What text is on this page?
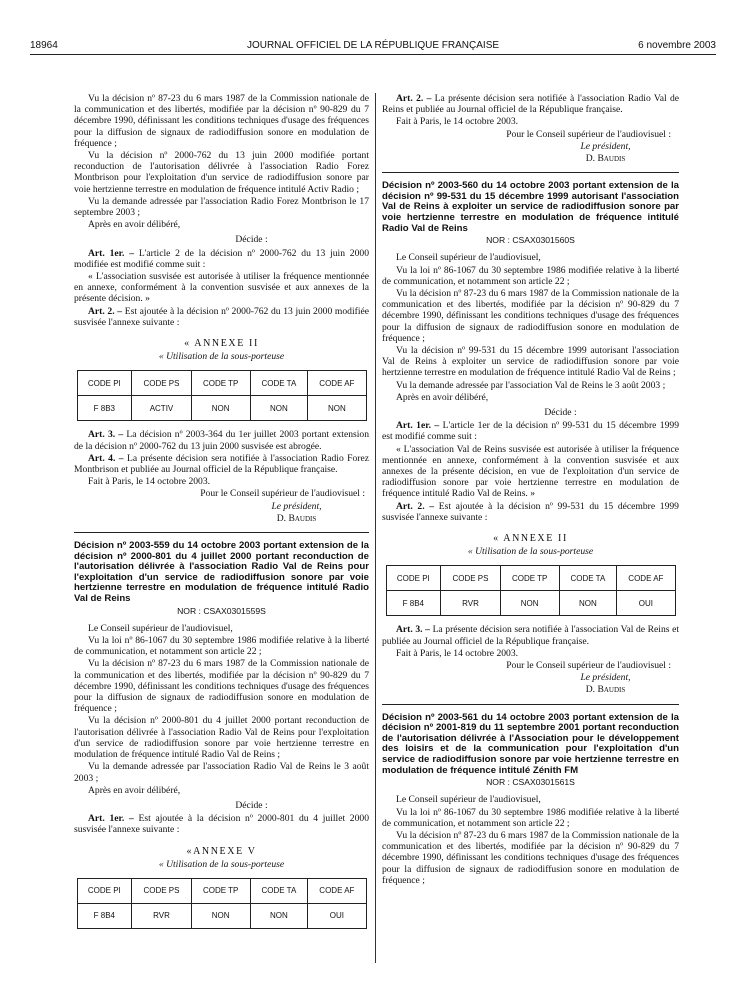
18964	JOURNAL OFFICIEL DE LA RÉPUBLIQUE FRANÇAISE	6 novembre 2003

Vu la décision nº 87-23 du 6 mars 1987 de la Commission nationale de la communication et des libertés, modifiée par la décision nº 90-829 du 7 décembre 1990, définissant les conditions techniques d'usage des fréquences pour la diffusion de signaux de radiodiffusion sonore en modulation de fréquence ;

Vu la décision nº 2000-762 du 13 juin 2000 modifiée portant reconduction de l'autorisation délivrée à l'association Radio Forez Montbrison pour l'exploitation d'un service de radiodiffusion sonore par voie hertzienne terrestre en modulation de fréquence intitulé Activ Radio ;

Vu la demande adressée par l'association Radio Forez Montbrison le 17 septembre 2003 ;

Après en avoir délibéré,

Décide :

Art. 1er. – L'article 2 de la décision nº 2000-762 du 13 juin 2000 modifiée est modifié comme suit :

« L'association susvisée est autorisée à utiliser la fréquence mentionnée en annexe, conformément à la convention susvisée et aux annexes de la présente décision. »

Art. 2. – Est ajoutée à la décision nº 2000-762 du 13 juin 2000 modifiée susvisée l'annexe suivante :

« ANNEXE II

« Utilisation de la sous-porteuse

CODE PI	CODE PS	CODE TP	CODE TA	CODE AF
F 8B3	ACTIV	NON	NON	NON

Art. 3. – La décision nº 2003-364 du 1er juillet 2003 portant extension de la décision nº 2000-762 du 13 juin 2000 susvisée est abrogée.

Art. 4. – La présente décision sera notifiée à l'association Radio Forez Montbrison et publiée au Journal officiel de la République française.

Fait à Paris, le 14 octobre 2003.

Pour le Conseil supérieur de l'audiovisuel :

Le président,

D. Baudis

Décision nº 2003-559 du 14 octobre 2003 portant extension de la décision nº 2000-801 du 4 juillet 2000 portant reconduction de l'autorisation délivrée à l'association Radio Val de Reins pour l'exploitation d'un service de radiodiffusion sonore par voie hertzienne terrestre en modulation de fréquence intitulé Radio Val de Reins

NOR : CSAX0301559S

Le Conseil supérieur de l'audiovisuel,

Vu la loi nº 86-1067 du 30 septembre 1986 modifiée relative à la liberté de communication, et notamment son article 22 ;

Vu la décision nº 87-23 du 6 mars 1987 de la Commission nationale de la communication et des libertés, modifiée par la décision nº 90-829 du 7 décembre 1990, définissant les conditions techniques d'usage des fréquences pour la diffusion de signaux de radiodiffusion sonore en modulation de fréquence ;

Vu la décision nº 2000-801 du 4 juillet 2000 portant reconduction de l'autorisation délivrée à l'association Radio Val de Reins pour l'exploitation d'un service de radiodiffusion sonore par voie hertzienne terrestre en modulation de fréquence intitulé Radio Val de Reins ;

Vu la demande adressée par l'association Radio Val de Reins le 3 août 2003 ;

Après en avoir délibéré,

Décide :

Art. 1er. – Est ajoutée à la décision nº 2000-801 du 4 juillet 2000 susvisée l'annexe suivante :

«ANNEXE V

« Utilisation de la sous-porteuse

CODE PI	CODE PS	CODE TP	CODE TA	CODE AF
F 8B4	RVR	NON	NON	OUI

Art. 2. – La présente décision sera notifiée à l'association Radio Val de Reins et publiée au Journal officiel de la République française.

Fait à Paris, le 14 octobre 2003.

Pour le Conseil supérieur de l'audiovisuel :

Le président,

D. Baudis

Décision nº 2003-560 du 14 octobre 2003 portant extension de la décision nº 99-531 du 15 décembre 1999 autorisant l'association Val de Reins à exploiter un service de radiodiffusion sonore par voie hertzienne terrestre en modulation de fréquence intitulé Radio Val de Reins

NOR : CSAX0301560S

Le Conseil supérieur de l'audiovisuel,

Vu la loi nº 86-1067 du 30 septembre 1986 modifiée relative à la liberté de communication, et notamment son article 22 ;

Vu la décision nº 87-23 du 6 mars 1987 de la Commission nationale de la communication et des libertés, modifiée par la décision nº 90-829 du 7 décembre 1990, définissant les conditions techniques d'usage des fréquences pour la diffusion de signaux de radiodiffusion sonore en modulation de fréquence ;

Vu la décision nº 99-531 du 15 décembre 1999 autorisant l'association Val de Reins à exploiter un service de radiodiffusion sonore par voie hertzienne terrestre en modulation de fréquence intitulé Radio Val de Reins ;

Vu la demande adressée par l'association Val de Reins le 3 août 2003 ;

Après en avoir délibéré,

Décide :

Art. 1er. – L'article 1er de la décision nº 99-531 du 15 décembre 1999 est modifié comme suit :

« L'association Val de Reins susvisée est autorisée à utiliser la fréquence mentionnée en annexe, conformément à la convention susvisée et aux annexes de la présente décision, en vue de l'exploitation d'un service de radiodiffusion sonore par voie hertzienne terrestre en modulation de fréquence intitulé Radio Val de Reins. »

Art. 2. – Est ajoutée à la décision nº 99-531 du 15 décembre 1999 susvisée l'annexe suivante :

« ANNEXE II

« Utilisation de la sous-porteuse

CODE PI	CODE PS	CODE TP	CODE TA	CODE AF
F 8B4	RVR	NON	NON	OUI

Art. 3. – La présente décision sera notifiée à l'association Val de Reins et publiée au Journal officiel de la République française.

Fait à Paris, le 14 octobre 2003.

Pour le Conseil supérieur de l'audiovisuel :

Le président,

D. Baudis

Décision nº 2003-561 du 14 octobre 2003 portant extension de la décision nº 2001-819 du 11 septembre 2001 portant reconduction de l'autorisation délivrée à l'Association pour le développement des loisirs et de la communication pour l'exploitation d'un service de radiodiffusion sonore par voie hertzienne terrestre en modulation de fréquence intitulé Zénith FM

NOR : CSAX0301561S

Le Conseil supérieur de l'audiovisuel,

Vu la loi nº 86-1067 du 30 septembre 1986 modifiée relative à la liberté de communication, et notamment son article 22 ;

Vu la décision nº 87-23 du 6 mars 1987 de la Commission nationale de la communication et des libertés, modifiée par la décision nº 90-829 du 7 décembre 1990, définissant les conditions techniques d'usage des fréquences pour la diffusion de signaux de radiodiffusion sonore en modulation de fréquence ;
